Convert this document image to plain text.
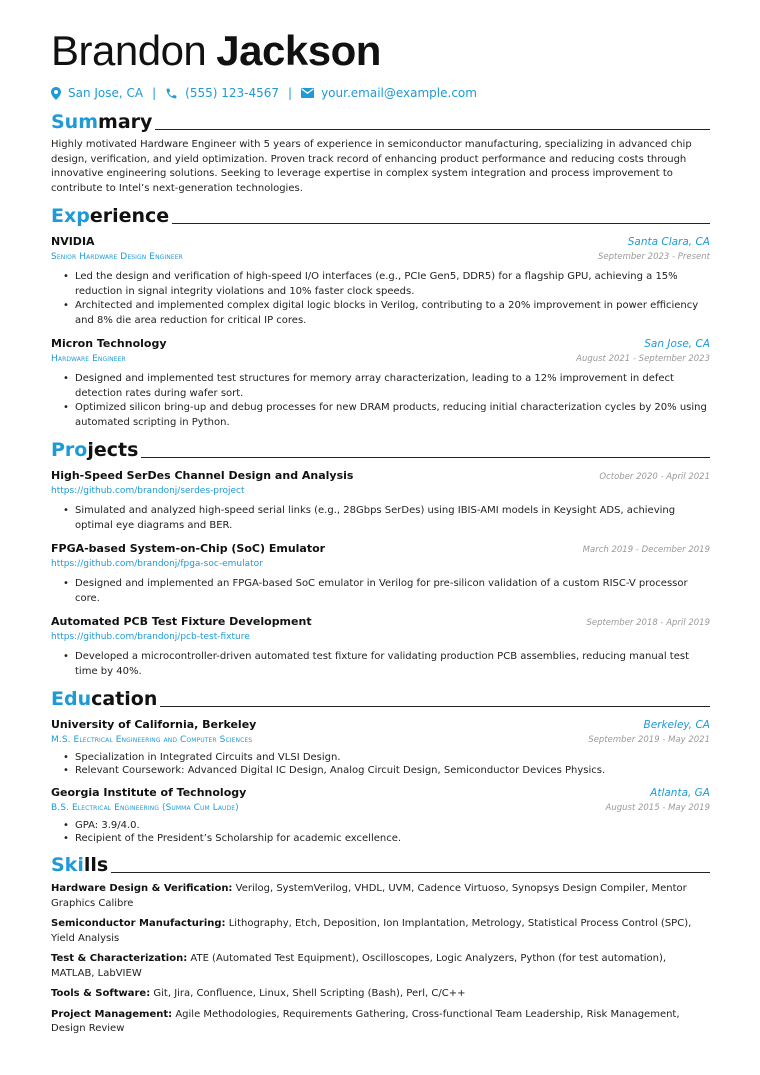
Brandon Jackson
San Jose, CA | (555) 123-4567 | your.email@example.com
Summary

Highly motivated Hardware Engineer with 5 years of experience in semiconductor manufacturing, specializing in advanced chip design, verification, and yield optimization. Proven track record of enhancing product performance and reducing costs through innovative engineering solutions. Seeking to leverage expertise in complex system integration and process improvement to contribute to Intel’s next-generation technologies.

Experience
NVIDIA	Santa Clara, CA
Senior Hardware Design Engineer	September 2023 - Present
• Led the design and verification of high-speed I/O interfaces (e.g., PCIe Gen5, DDR5) for a flagship GPU, achieving a 15% reduction in signal integrity violations and 10% faster clock speeds.
• Architected and implemented complex digital logic blocks in Verilog, contributing to a 20% improvement in power efficiency and 8% die area reduction for critical IP cores.
Micron Technology	San Jose, CA
Hardware Engineer	August 2021 - September 2023
• Designed and implemented test structures for memory array characterization, leading to a 12% improvement in defect detection rates during wafer sort.
• Optimized silicon bring-up and debug processes for new DRAM products, reducing initial characterization cycles by 20% using automated scripting in Python.
Projects
High-Speed SerDes Channel Design and Analysis	October 2020 - April 2021
https://github.com/brandonj/serdes-project
• Simulated and analyzed high-speed serial links (e.g., 28Gbps SerDes) using IBIS-AMI models in Keysight ADS, achieving optimal eye diagrams and BER.
FPGA-based System-on-Chip (SoC) Emulator	March 2019 - December 2019
https://github.com/brandonj/fpga-soc-emulator
• Designed and implemented an FPGA-based SoC emulator in Verilog for pre-silicon validation of a custom RISC-V processor core.
Automated PCB Test Fixture Development	September 2018 - April 2019
https://github.com/brandonj/pcb-test-fixture
• Developed a microcontroller-driven automated test fixture for validating production PCB assemblies, reducing manual test time by 40%.
Education
University of California, Berkeley	Berkeley, CA
M.S. Electrical Engineering and Computer Sciences	September 2019 - May 2021
• Specialization in Integrated Circuits and VLSI Design.
• Relevant Coursework: Advanced Digital IC Design, Analog Circuit Design, Semiconductor Devices Physics.
Georgia Institute of Technology	Atlanta, GA
B.S. Electrical Engineering (Summa Cum Laude)	August 2015 - May 2019
• GPA: 3.9/4.0.
• Recipient of the President’s Scholarship for academic excellence.
Skills

Hardware Design & Verification: Verilog, SystemVerilog, VHDL, UVM, Cadence Virtuoso, Synopsys Design Compiler, Mentor Graphics Calibre

Semiconductor Manufacturing: Lithography, Etch, Deposition, Ion Implantation, Metrology, Statistical Process Control (SPC), Yield Analysis

Test & Characterization: ATE (Automated Test Equipment), Oscilloscopes, Logic Analyzers, Python (for test automation), MATLAB, LabVIEW

Tools & Software: Git, Jira, Confluence, Linux, Shell Scripting (Bash), Perl, C/C++

Project Management: Agile Methodologies, Requirements Gathering, Cross-functional Team Leadership, Risk Management, Design Review
